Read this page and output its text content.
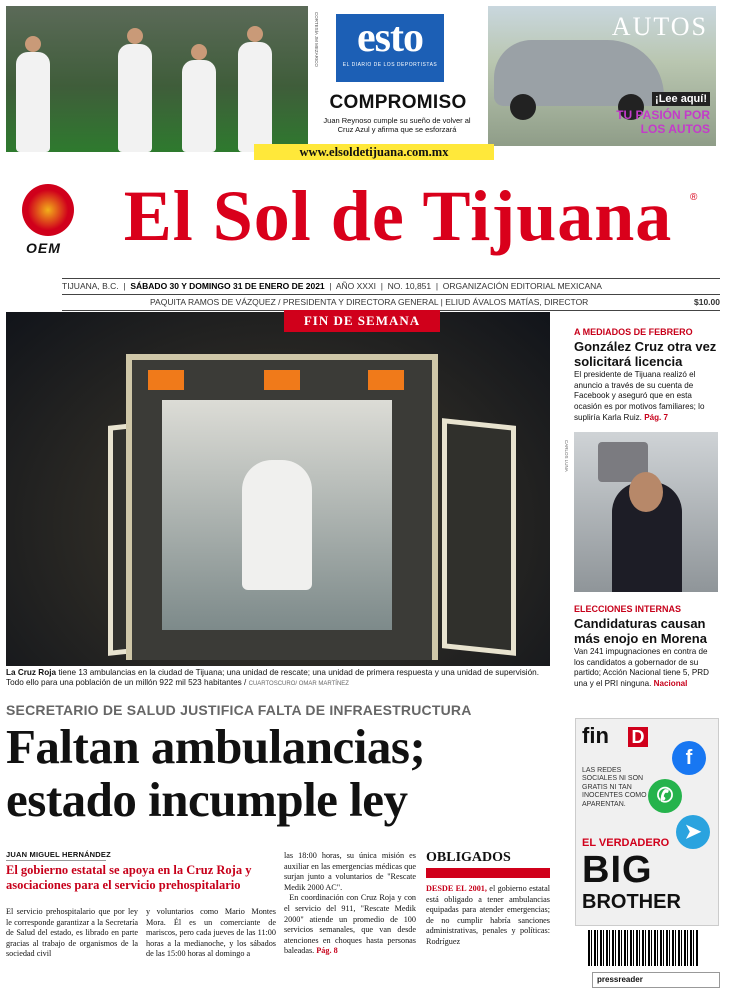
CORTESÍA JM MEZARICO esto
EL DIARIO DE LOS DEPORTISTAS
COMPROMISO
Juan Reynoso cumple su sueño de volver al Cruz Azul y afirma que se esforzará
AUTOS
¡Lee aquí!
TU PASIÓN POR LOS AUTOS
www.elsoldetijuana.com.mx
OEM El Sol de Tijuana	®
TIJUANA, B.C.  |  SÁBADO 30 Y DOMINGO 31 DE ENERO DE 2021  |  AÑO XXXI  |  NO. 10,851  |  ORGANIZACIÓN EDITORIAL MEXICANA
PAQUITA RAMOS DE VÁZQUEZ / PRESIDENTA Y DIRECTORA GENERAL | ELIUD ÁVALOS MATÍAS, DIRECTOR	$10.00
FIN DE SEMANA
La Cruz Roja tiene 13 ambulancias en la ciudad de Tijuana; una unidad de rescate; una unidad de primera respuesta y una unidad de supervisión. Todo ello para una población de un millón 922 mil 523 habitantes / CUARTOSCURO/ OMAR MARTÍNEZ
SECRETARIO DE SALUD JUSTIFICA FALTA DE INFRAESTRUCTURA
Faltan ambulancias;
estado incumple ley
JUAN MIGUEL HERNÁNDEZ
El gobierno estatal se apoya en la Cruz Roja y asociaciones para el servicio prehospitalario
El servicio prehospitalario que por ley le corresponde garantizar a la Secretaría de Salud del estado, es librado en parte gracias al trabajo de organismos de la sociedad civil
y voluntarios como Mario Montes Mora. Él es un comerciante de mariscos, pero cada jueves de las 11:00 horas a la medianoche, y los sábados de las 15:00 horas al domingo a
las 18:00 horas, su única misión es auxiliar en las emergencias médicas que surjan junto a voluntarios de "Rescate Medik 2000 AC".
En coordinación con Cruz Roja y con el servicio del 911, "Rescate Medik 2000" atiende un promedio de 100 servicios semanales, que van desde atenciones en choques hasta personas baleadas. Pág. 8
OBLIGADOS
DESDE EL 2001, el gobierno estatal está obligado a tener ambulancias equipadas para atender emergencias; de no cumplir habría sanciones administrativas, penales y políticas: Rodríguez
A MEDIADOS DE FEBRERO
González Cruz otra vez solicitará licencia
El presidente de Tijuana realizó el anuncio a través de su cuenta de Facebook y aseguró que en esta ocasión es por motivos familiares; lo supliría Karla Ruiz. Pág. 7
CARLOS LUNA
ELECCIONES INTERNAS
Candidaturas causan más enojo en Morena
Van 241 impugnaciones en contra de los candidatos a gobernador de su partido; Acción Nacional tiene 5, PRD una y el PRI ninguna. Nacional
fin D
LAS REDES SOCIALES NI SON GRATIS NI TAN INOCENTES COMO APARENTAN.
f
✆
➤
EL VERDADERO
BIG
BROTHER
pressreader
